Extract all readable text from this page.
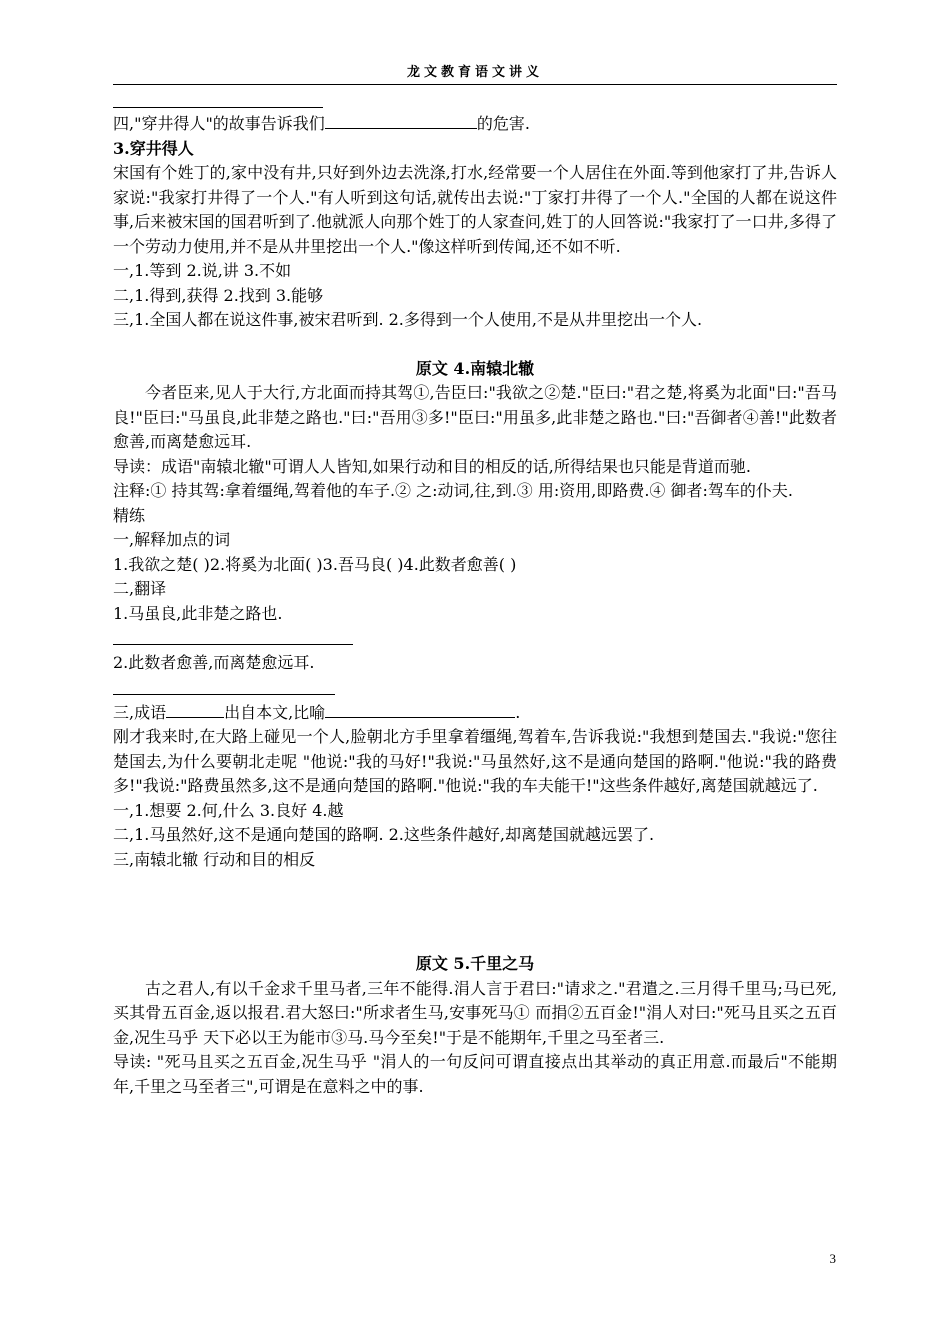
龙文教育语文讲义
四,"穿井得人"的故事告诉我们	的危害.
3.穿井得人
宋国有个姓丁的,家中没有井,只好到外边去洗涤,打水,经常要一个人居住在外面.等到他家打了井,告诉人家说:"我家打井得了一个人."有人听到这句话,就传出去说:"丁家打井得了一个人."全国的人都在说这件事,后来被宋国的国君听到了.他就派人向那个姓丁的人家查问,姓丁的人回答说:"我家打了一口井,多得了一个劳动力使用,并不是从井里挖出一个人."像这样听到传闻,还不如不听.
一,1.等到 2.说,讲 3.不如
二,1.得到,获得 2.找到 3.能够
三,1.全国人都在说这件事,被宋君听到. 2.多得到一个人使用,不是从井里挖出一个人.
原文 4.南辕北辙
今者臣来,见人于大行,方北面而持其驾①,告臣曰:"我欲之②楚."臣曰:"君之楚,将奚为北面"曰:"吾马良!"臣曰:"马虽良,此非楚之路也."曰:"吾用③多!"臣曰:"用虽多,此非楚之路也."曰:"吾御者④善!"此数者愈善,而离楚愈远耳.
导读：成语"南辕北辙"可谓人人皆知,如果行动和目的相反的话,所得结果也只能是背道而驰.
注释:① 持其驾:拿着缰绳,驾着他的车子.② 之:动词,往,到.③ 用:资用,即路费.④ 御者:驾车的仆夫.
精练
一,解释加点的词
1.我欲之楚( )2.将奚为北面( )3.吾马良( )4.此数者愈善( )
二,翻译
1.马虽良,此非楚之路也.
2.此数者愈善,而离楚愈远耳.
三,成语	出自本文,比喻	.
刚才我来时,在大路上碰见一个人,脸朝北方手里拿着缰绳,驾着车,告诉我说:"我想到楚国去."我说:"您往楚国去,为什么要朝北走呢 "他说:"我的马好!"我说:"马虽然好,这不是通向楚国的路啊."他说:"我的路费多!"我说:"路费虽然多,这不是通向楚国的路啊."他说:"我的车夫能干!"这些条件越好,离楚国就越远了.
一,1.想要 2.何,什么 3.良好 4.越
二,1.马虽然好,这不是通向楚国的路啊. 2.这些条件越好,却离楚国就越远罢了.
三,南辕北辙 行动和目的相反
原文 5.千里之马
古之君人,有以千金求千里马者,三年不能得.涓人言于君曰:"请求之."君遣之.三月得千里马;马已死,买其骨五百金,返以报君.君大怒曰:"所求者生马,安事死马① 而捐②五百金!"涓人对曰:"死马且买之五百金,况生马乎 天下必以王为能市③马.马今至矣!"于是不能期年,千里之马至者三.
导读: "死马且买之五百金,况生马乎 "涓人的一句反问可谓直接点出其举动的真正用意.而最后"不能期年,千里之马至者三",可谓是在意料之中的事.
3
